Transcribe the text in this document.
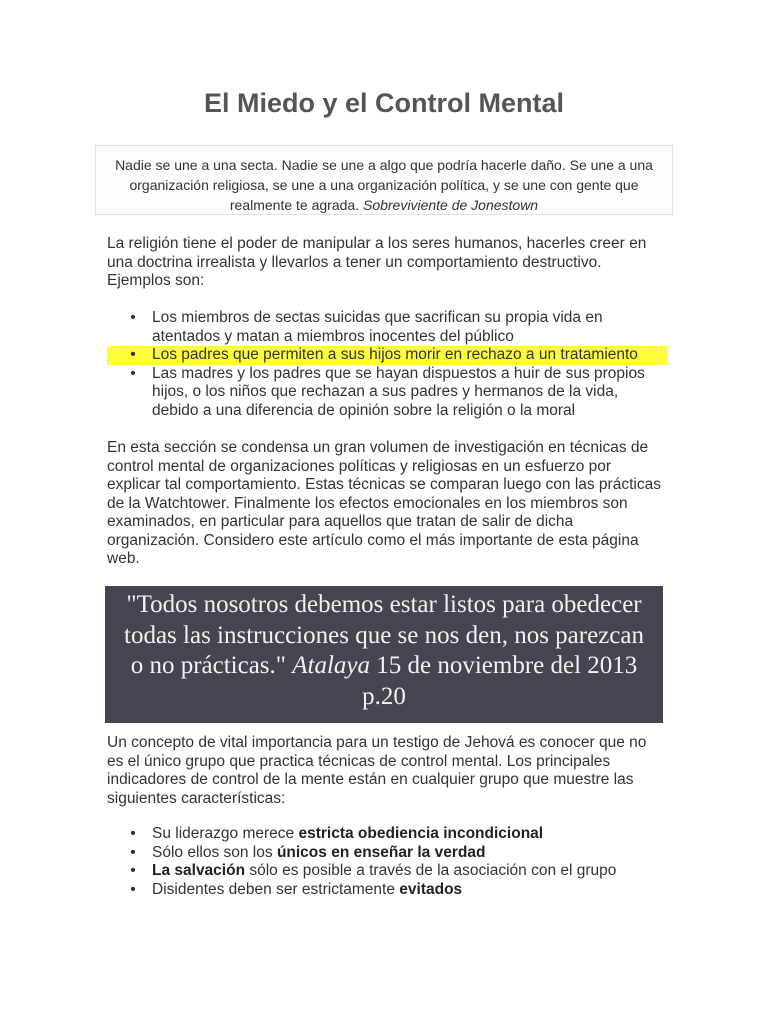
El Miedo y el Control Mental
Nadie se une a una secta. Nadie se une a algo que podría hacerle daño. Se une a una organización religiosa, se une a una organización política, y se une con gente que realmente te agrada. Sobreviviente de Jonestown

La religión tiene el poder de manipular a los seres humanos, hacerles creer en una doctrina irrealista y llevarlos a tener un comportamiento destructivo. Ejemplos son:

• Los miembros de sectas suicidas que sacrifican su propia vida en atentados y matan a miembros inocentes del público
• Los padres que permiten a sus hijos morir en rechazo a un tratamiento
• Las madres y los padres que se hayan dispuestos a huir de sus propios hijos, o los niños que rechazan a sus padres y hermanos de la vida, debido a una diferencia de opinión sobre la religión o la moral

En esta sección se condensa un gran volumen de investigación en técnicas de control mental de organizaciones políticas y religiosas en un esfuerzo por explicar tal comportamiento. Estas técnicas se comparan luego con las prácticas de la Watchtower. Finalmente los efectos emocionales en los miembros son examinados, en particular para aquellos que tratan de salir de dicha organización. Considero este artículo como el más importante de esta página web.

"Todos nosotros debemos estar listos para obedecer todas las instrucciones que se nos den, nos parezcan o no prácticas." Atalaya 15 de noviembre del 2013 p.20

Un concepto de vital importancia para un testigo de Jehová es conocer que no es el único grupo que practica técnicas de control mental. Los principales indicadores de control de la mente están en cualquier grupo que muestre las siguientes características:

• Su liderazgo merece estricta obediencia incondicional
• Sólo ellos son los únicos en enseñar la verdad
• La salvación sólo es posible a través de la asociación con el grupo
• Disidentes deben ser estrictamente evitados
